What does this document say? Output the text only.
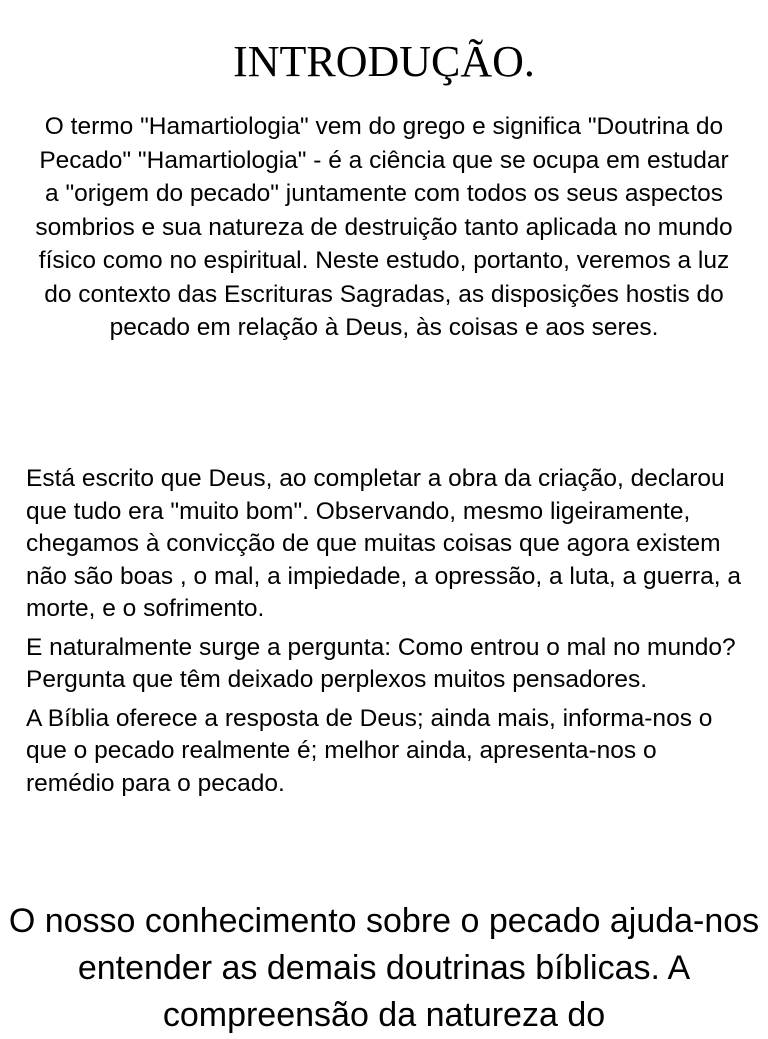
INTRODUÇÃO.

O termo "Hamartiologia" vem do grego e significa "Doutrina do Pecado" "Hamartiologia" - é a ciência que se ocupa em estudar a "origem do pecado" juntamente com todos os seus aspectos sombrios e sua natureza de destruição tanto aplicada no mundo físico como no espiritual. Neste estudo, portanto, veremos a luz do contexto das Escrituras Sagradas, as disposições hostis do pecado em relação à Deus, às coisas e aos seres.

Está escrito que Deus, ao completar a obra da criação, declarou que tudo era "muito bom". Observando, mesmo ligeiramente, chegamos à convicção de que muitas coisas que agora existem não são boas , o mal, a impiedade, a opressão, a luta, a guerra, a morte, e o sofrimento.

E naturalmente surge a pergunta: Como entrou o mal no mundo? Pergunta que têm deixado perplexos muitos pensadores.

A Bíblia oferece a resposta de Deus; ainda mais, informa-nos o que o pecado realmente é; melhor ainda, apresenta-nos o remédio para o pecado.

O nosso conhecimento sobre o pecado ajuda-nos entender as demais doutrinas bíblicas. A compreensão da natureza do
